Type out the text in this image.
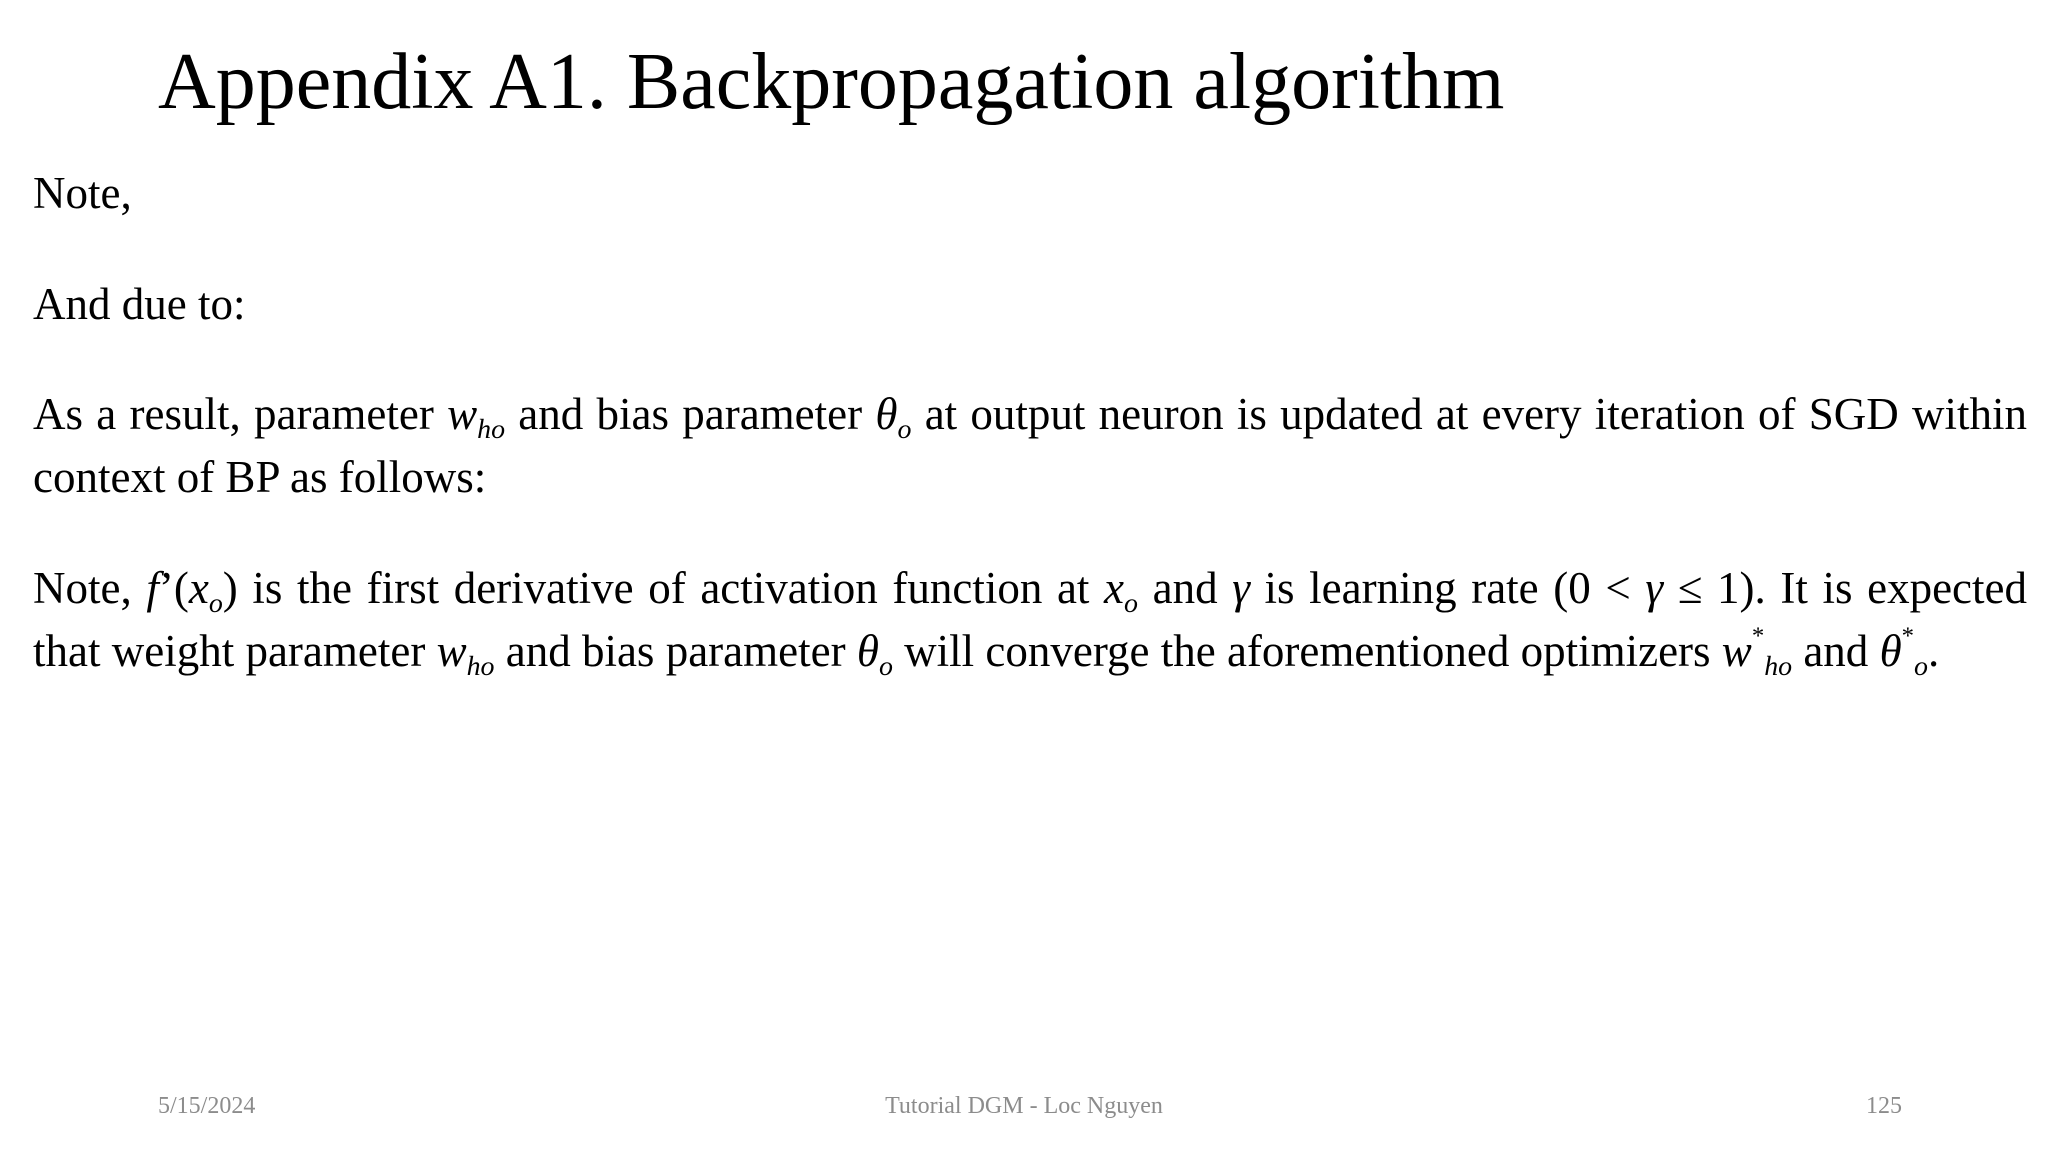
Appendix A1. Backpropagation algorithm

Note,

And due to:

As a result, parameter $w_{ho}$ and bias parameter $\theta_o$ at output neuron is updated at every iteration of SGD within context of BP as follows:

Note, $f’(x_o)$ is the first derivative of activation function at $x_o$ and γ is learning rate (0 < γ ≤ 1). It is expected that weight parameter $w_{ho}$ and bias parameter $\theta_o$ will converge the aforementioned optimizers $w^*_{ho}$ and $\theta^*_o$.

5/15/2024	Tutorial DGM - Loc Nguyen	125
